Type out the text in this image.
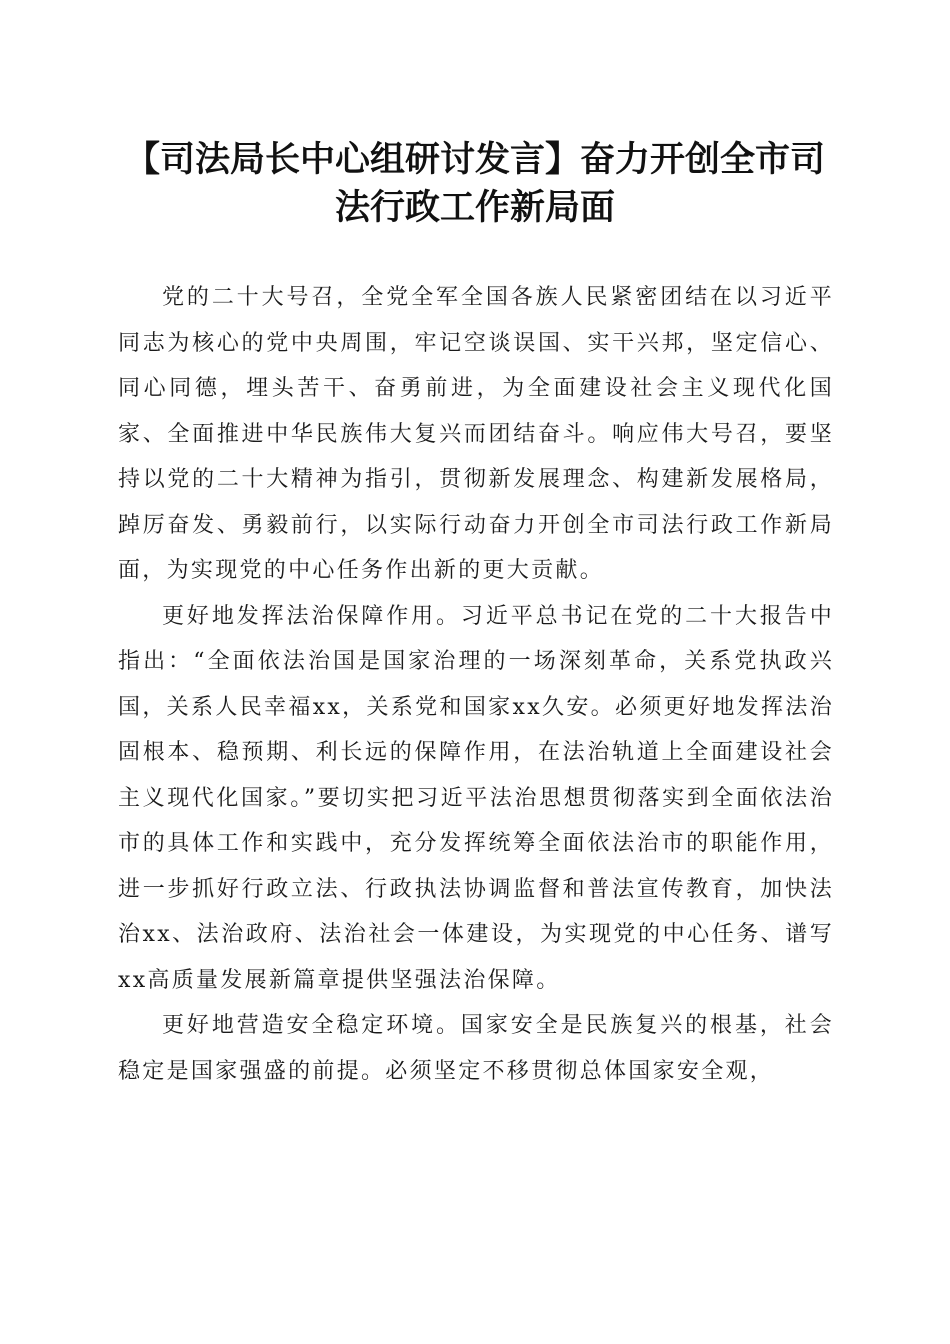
【司法局长中心组研讨发言】奋力开创全市司法行政工作新局面

党的二十大号召，全党全军全国各族人民紧密团结在以习近平同志为核心的党中央周围，牢记空谈误国、实干兴邦，坚定信心、同心同德，埋头苦干、奋勇前进，为全面建设社会主义现代化国家、全面推进中华民族伟大复兴而团结奋斗。响应伟大号召，要坚持以党的二十大精神为指引，贯彻新发展理念、构建新发展格局，踔厉奋发、勇毅前行，以实际行动奋力开创全市司法行政工作新局面，为实现党的中心任务作出新的更大贡献。

更好地发挥法治保障作用。习近平总书记在党的二十大报告中指出：“全面依法治国是国家治理的一场深刻革命，关系党执政兴国，关系人民幸福xx，关系党和国家xx久安。必须更好地发挥法治固根本、稳预期、利长远的保障作用，在法治轨道上全面建设社会主义现代化国家。”要切实把习近平法治思想贯彻落实到全面依法治市的具体工作和实践中，充分发挥统筹全面依法治市的职能作用，进一步抓好行政立法、行政执法协调监督和普法宣传教育，加快法治xx、法治政府、法治社会一体建设，为实现党的中心任务、谱写xx高质量发展新篇章提供坚强法治保障。

更好地营造安全稳定环境。国家安全是民族复兴的根基，社会稳定是国家强盛的前提。必须坚定不移贯彻总体国家安全观，
